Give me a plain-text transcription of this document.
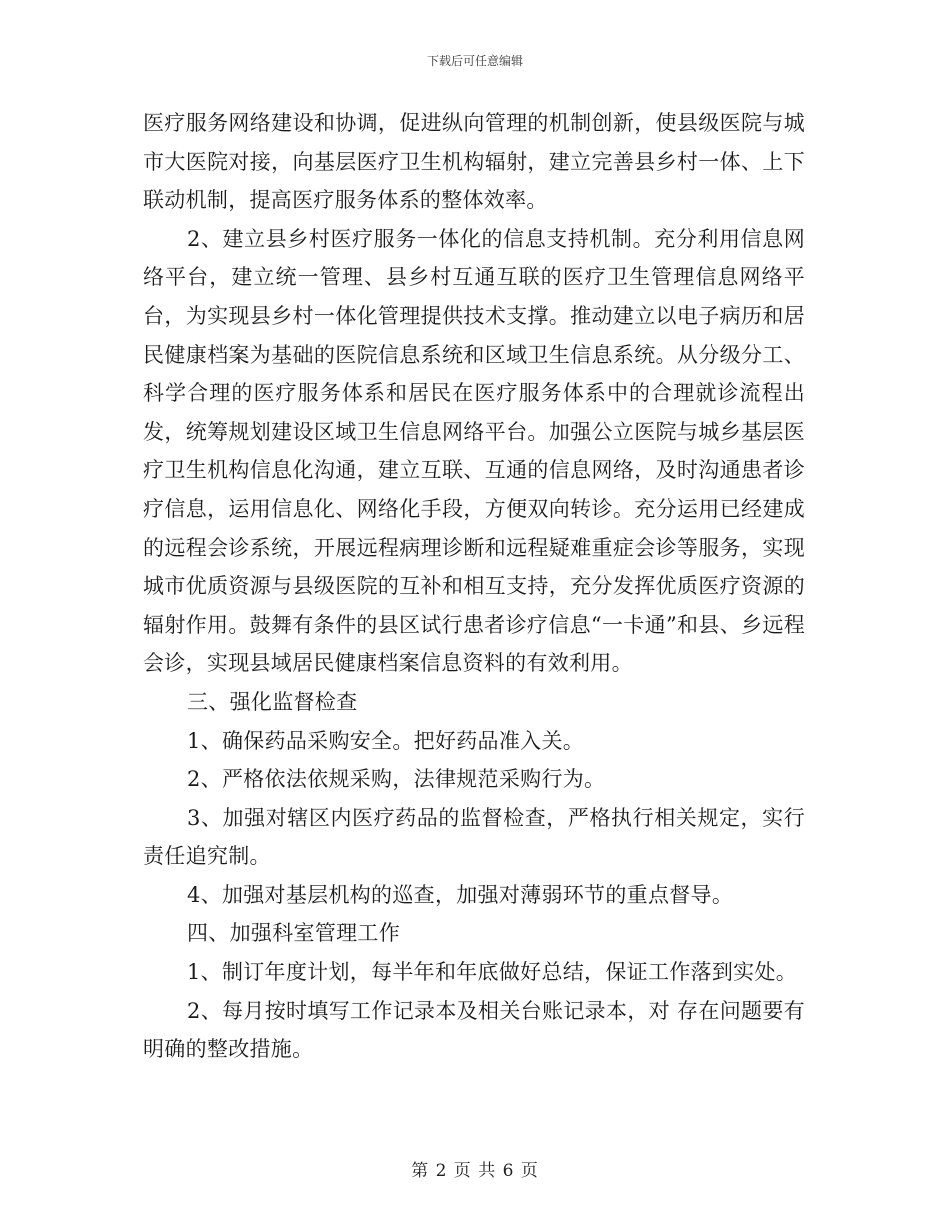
下载后可任意编辑

医疗服务网络建设和协调，促进纵向管理的机制创新，使县级医院与城市大医院对接，向基层医疗卫生机构辐射，建立完善县乡村一体、上下联动机制，提高医疗服务体系的整体效率。

2、建立县乡村医疗服务一体化的信息支持机制。充分利用信息网络平台，建立统一管理、县乡村互通互联的医疗卫生管理信息网络平台，为实现县乡村一体化管理提供技术支撑。推动建立以电子病历和居民健康档案为基础的医院信息系统和区域卫生信息系统。从分级分工、科学合理的医疗服务体系和居民在医疗服务体系中的合理就诊流程出发，统筹规划建设区域卫生信息网络平台。加强公立医院与城乡基层医疗卫生机构信息化沟通，建立互联、互通的信息网络，及时沟通患者诊疗信息，运用信息化、网络化手段，方便双向转诊。充分运用已经建成的远程会诊系统，开展远程病理诊断和远程疑难重症会诊等服务，实现城市优质资源与县级医院的互补和相互支持，充分发挥优质医疗资源的辐射作用。鼓舞有条件的县区试行患者诊疗信息“一卡通”和县、乡远程会诊，实现县域居民健康档案信息资料的有效利用。

三、强化监督检查

1、确保药品采购安全。把好药品准入关。

2、严格依法依规采购，法律规范采购行为。

3、加强对辖区内医疗药品的监督检查，严格执行相关规定，实行责任追究制。

4、加强对基层机构的巡查，加强对薄弱环节的重点督导。

四、加强科室管理工作

1、制订年度计划，每半年和年底做好总结，保证工作落到实处。

2、每月按时填写工作记录本及相关台账记录本，对 存在问题要有明确的整改措施。

第 2 页 共 6 页
